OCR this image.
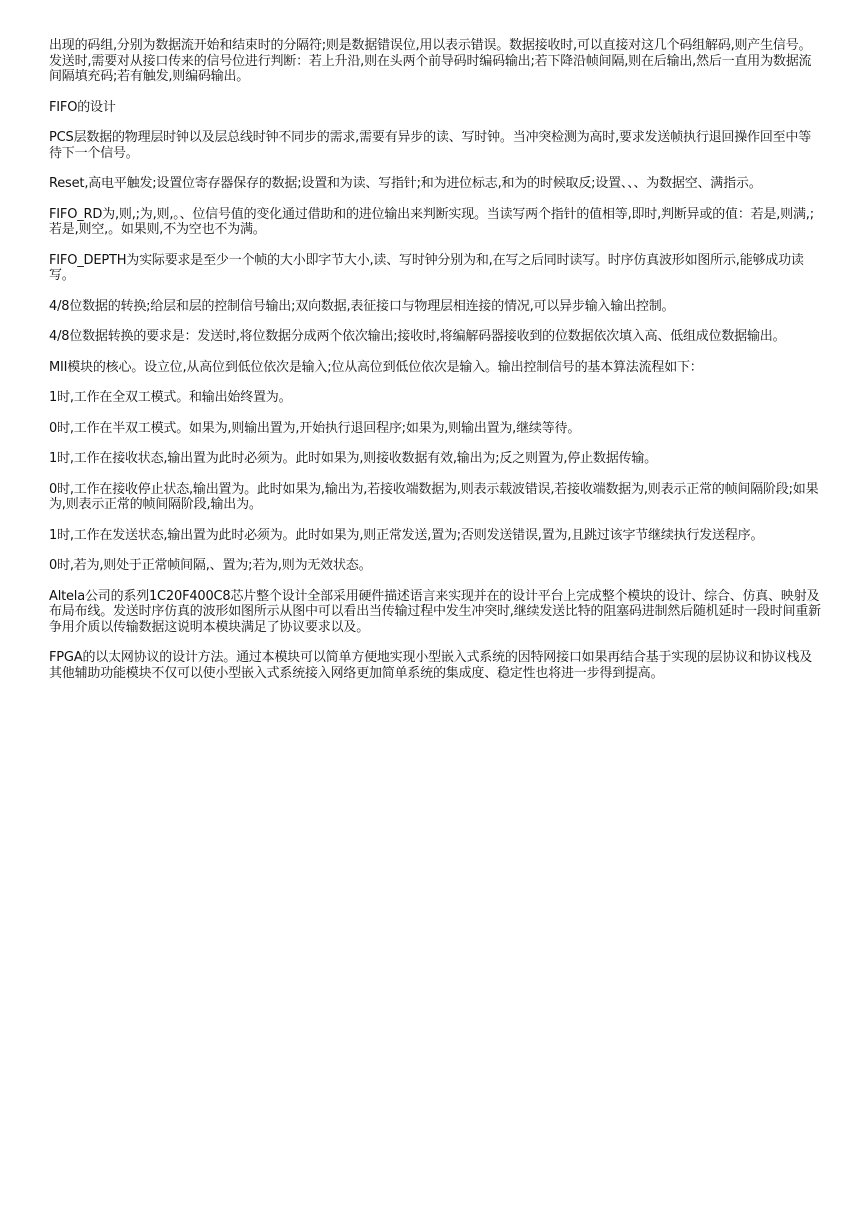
出现的码组,分别为数据流开始和结束时的分隔符;则是数据错误位,用以表示错误。数据接收时,可以直接对这几个码组解码,则产生信号。发送时,需要对从接口传来的信号位进行判断：若上升沿,则在头两个前导码时编码输出;若下降沿帧间隔,则在后输出,然后一直用为数据流间隔填充码;若有触发,则编码输出。

FIFO的设计

PCS层数据的物理层时钟以及层总线时钟不同步的需求,需要有异步的读、写时钟。当冲突检测为高时,要求发送帧执行退回操作回至中等待下一个信号。

Reset,高电平触发;设置位寄存器保存的数据;设置和为读、写指针;和为进位标志,和为的时候取反;设置、、、为数据空、满指示。

FIFO_RD为,则,;为,则,。、位信号值的变化通过借助和的进位输出来判断实现。当读写两个指针的值相等,即时,判断异或的值：若是,则满,;若是,则空,。如果则,不为空也不为满。

FIFO_DEPTH为实际要求是至少一个帧的大小即字节大小,读、写时钟分别为和,在写之后同时读写。时序仿真波形如图所示,能够成功读写。

4/8位数据的转换;给层和层的控制信号输出;双向数据,表征接口与物理层相连接的情况,可以异步输入输出控制。

4/8位数据转换的要求是：发送时,将位数据分成两个依次输出;接收时,将编解码器接收到的位数据依次填入高、低组成位数据输出。

MII模块的核心。设立位,从高位到低位依次是输入;位从高位到低位依次是输入。输出控制信号的基本算法流程如下：

1时,工作在全双工模式。和输出始终置为。

0时,工作在半双工模式。如果为,则输出置为,开始执行退回程序;如果为,则输出置为,继续等待。

1时,工作在接收状态,输出置为此时必须为。此时如果为,则接收数据有效,输出为;反之则置为,停止数据传输。

0时,工作在接收停止状态,输出置为。此时如果为,输出为,若接收端数据为,则表示载波错误,若接收端数据为,则表示正常的帧间隔阶段;如果为,则表示正常的帧间隔阶段,输出为。

1时,工作在发送状态,输出置为此时必须为。此时如果为,则正常发送,置为;否则发送错误,置为,且跳过该字节继续执行发送程序。

0时,若为,则处于正常帧间隔,、置为;若为,则为无效状态。

Altela公司的系列1C20F400C8芯片整个设计全部采用硬件描述语言来实现并在的设计平台上完成整个模块的设计、综合、仿真、映射及布局布线。发送时序仿真的波形如图所示从图中可以看出当传输过程中发生冲突时,继续发送比特的阻塞码进制然后随机延时一段时间重新争用介质以传输数据这说明本模块满足了协议要求以及。

FPGA的以太网协议的设计方法。通过本模块可以简单方便地实现小型嵌入式系统的因特网接口如果再结合基于实现的层协议和协议栈及其他辅助功能模块不仅可以使小型嵌入式系统接入网络更加简单系统的集成度、稳定性也将进一步得到提高。
